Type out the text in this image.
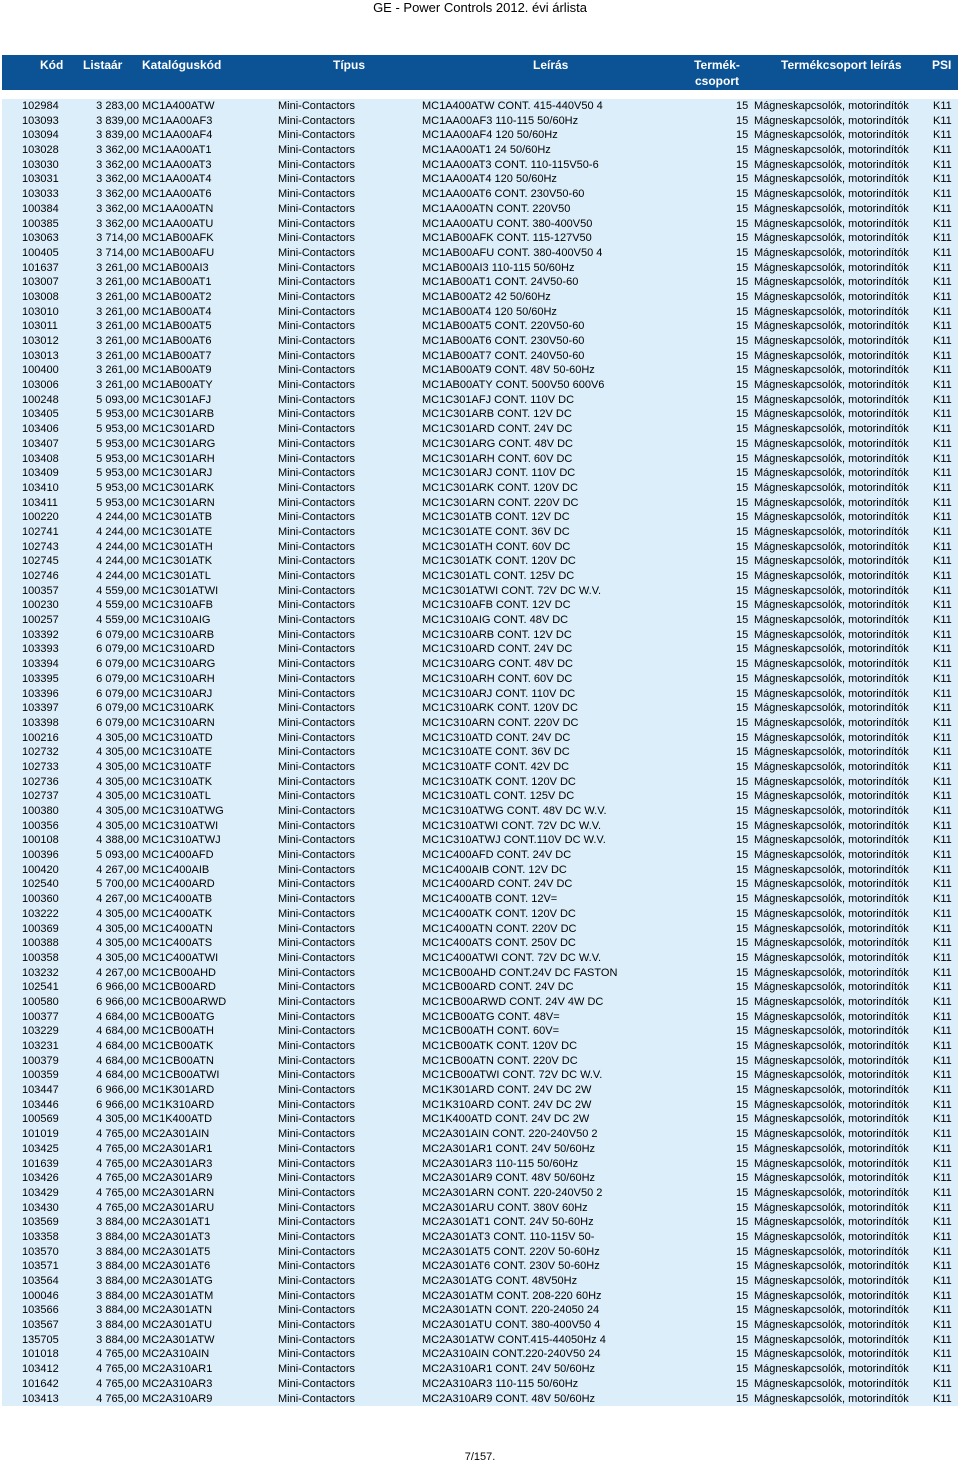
GE - Power Controls 2012. évi árlista
Kód Listaár Katalóguskód	Típus	Leírás	Termék-
csoport
Termékcsoport leírás	PSI
102984	3 283,00 MC1A400ATW	Mini-Contactors	MC1A400ATW CONT. 415-440V50 4	15 Mágneskapcsolók, motorindítók K11
103093	3 839,00 MC1AA00AF3	Mini-Contactors	MC1AA00AF3 110-115 50/60Hz	15 Mágneskapcsolók, motorindítók K11
103094	3 839,00 MC1AA00AF4	Mini-Contactors	MC1AA00AF4 120 50/60Hz	15 Mágneskapcsolók, motorindítók K11
103028	3 362,00 MC1AA00AT1	Mini-Contactors	MC1AA00AT1 24 50/60Hz	15 Mágneskapcsolók, motorindítók K11
103030	3 362,00 MC1AA00AT3	Mini-Contactors	MC1AA00AT3 CONT. 110-115V50-6	15 Mágneskapcsolók, motorindítók K11
103031	3 362,00 MC1AA00AT4	Mini-Contactors	MC1AA00AT4 120 50/60Hz	15 Mágneskapcsolók, motorindítók K11
103033	3 362,00 MC1AA00AT6	Mini-Contactors	MC1AA00AT6 CONT. 230V50-60	15 Mágneskapcsolók, motorindítók K11
100384	3 362,00 MC1AA00ATN	Mini-Contactors	MC1AA00ATN CONT. 220V50	15 Mágneskapcsolók, motorindítók K11
100385	3 362,00 MC1AA00ATU	Mini-Contactors	MC1AA00ATU CONT. 380-400V50	15 Mágneskapcsolók, motorindítók K11
103063	3 714,00 MC1AB00AFK	Mini-Contactors	MC1AB00AFK CONT. 115-127V50	15 Mágneskapcsolók, motorindítók K11
100405	3 714,00 MC1AB00AFU	Mini-Contactors	MC1AB00AFU CONT. 380-400V50 4	15 Mágneskapcsolók, motorindítók K11
101637	3 261,00 MC1AB00AI3	Mini-Contactors	MC1AB00AI3 110-115 50/60Hz	15 Mágneskapcsolók, motorindítók K11
103007	3 261,00 MC1AB00AT1	Mini-Contactors	MC1AB00AT1 CONT. 24V50-60	15 Mágneskapcsolók, motorindítók K11
103008	3 261,00 MC1AB00AT2	Mini-Contactors	MC1AB00AT2 42 50/60Hz	15 Mágneskapcsolók, motorindítók K11
103010	3 261,00 MC1AB00AT4	Mini-Contactors	MC1AB00AT4 120 50/60Hz	15 Mágneskapcsolók, motorindítók K11
103011	3 261,00 MC1AB00AT5	Mini-Contactors	MC1AB00AT5 CONT. 220V50-60	15 Mágneskapcsolók, motorindítók K11
103012	3 261,00 MC1AB00AT6	Mini-Contactors	MC1AB00AT6 CONT. 230V50-60	15 Mágneskapcsolók, motorindítók K11
103013	3 261,00 MC1AB00AT7	Mini-Contactors	MC1AB00AT7 CONT. 240V50-60	15 Mágneskapcsolók, motorindítók K11
100400	3 261,00 MC1AB00AT9	Mini-Contactors	MC1AB00AT9 CONT. 48V 50-60Hz	15 Mágneskapcsolók, motorindítók K11
103006	3 261,00 MC1AB00ATY	Mini-Contactors	MC1AB00ATY CONT. 500V50 600V6	15 Mágneskapcsolók, motorindítók K11
100248	5 093,00 MC1C301AFJ	Mini-Contactors	MC1C301AFJ CONT. 110V DC	15 Mágneskapcsolók, motorindítók K11
103405	5 953,00 MC1C301ARB	Mini-Contactors	MC1C301ARB CONT. 12V DC	15 Mágneskapcsolók, motorindítók K11
103406	5 953,00 MC1C301ARD	Mini-Contactors	MC1C301ARD CONT. 24V DC	15 Mágneskapcsolók, motorindítók K11
103407	5 953,00 MC1C301ARG	Mini-Contactors	MC1C301ARG CONT. 48V DC	15 Mágneskapcsolók, motorindítók K11
103408	5 953,00 MC1C301ARH	Mini-Contactors	MC1C301ARH CONT. 60V DC	15 Mágneskapcsolók, motorindítók K11
103409	5 953,00 MC1C301ARJ	Mini-Contactors	MC1C301ARJ CONT. 110V DC	15 Mágneskapcsolók, motorindítók K11
103410	5 953,00 MC1C301ARK	Mini-Contactors	MC1C301ARK CONT. 120V DC	15 Mágneskapcsolók, motorindítók K11
103411	5 953,00 MC1C301ARN	Mini-Contactors	MC1C301ARN CONT. 220V DC	15 Mágneskapcsolók, motorindítók K11
100220	4 244,00 MC1C301ATB	Mini-Contactors	MC1C301ATB CONT. 12V DC	15 Mágneskapcsolók, motorindítók K11
102741	4 244,00 MC1C301ATE	Mini-Contactors	MC1C301ATE CONT. 36V DC	15 Mágneskapcsolók, motorindítók K11
102743	4 244,00 MC1C301ATH	Mini-Contactors	MC1C301ATH CONT. 60V DC	15 Mágneskapcsolók, motorindítók K11
102745	4 244,00 MC1C301ATK	Mini-Contactors	MC1C301ATK CONT. 120V DC	15 Mágneskapcsolók, motorindítók K11
102746	4 244,00 MC1C301ATL	Mini-Contactors	MC1C301ATL CONT. 125V DC	15 Mágneskapcsolók, motorindítók K11
100357	4 559,00 MC1C301ATWI	Mini-Contactors	MC1C301ATWI CONT. 72V DC W.V.	15 Mágneskapcsolók, motorindítók K11
100230	4 559,00 MC1C310AFB	Mini-Contactors	MC1C310AFB CONT. 12V DC	15 Mágneskapcsolók, motorindítók K11
100257	4 559,00 MC1C310AIG	Mini-Contactors	MC1C310AIG CONT. 48V DC	15 Mágneskapcsolók, motorindítók K11
103392	6 079,00 MC1C310ARB	Mini-Contactors	MC1C310ARB CONT. 12V DC	15 Mágneskapcsolók, motorindítók K11
103393	6 079,00 MC1C310ARD	Mini-Contactors	MC1C310ARD CONT. 24V DC	15 Mágneskapcsolók, motorindítók K11
103394	6 079,00 MC1C310ARG	Mini-Contactors	MC1C310ARG CONT. 48V DC	15 Mágneskapcsolók, motorindítók K11
103395	6 079,00 MC1C310ARH	Mini-Contactors	MC1C310ARH CONT. 60V DC	15 Mágneskapcsolók, motorindítók K11
103396	6 079,00 MC1C310ARJ	Mini-Contactors	MC1C310ARJ CONT. 110V DC	15 Mágneskapcsolók, motorindítók K11
103397	6 079,00 MC1C310ARK	Mini-Contactors	MC1C310ARK CONT. 120V DC	15 Mágneskapcsolók, motorindítók K11
103398	6 079,00 MC1C310ARN	Mini-Contactors	MC1C310ARN CONT. 220V DC	15 Mágneskapcsolók, motorindítók K11
100216	4 305,00 MC1C310ATD	Mini-Contactors	MC1C310ATD CONT. 24V DC	15 Mágneskapcsolók, motorindítók K11
102732	4 305,00 MC1C310ATE	Mini-Contactors	MC1C310ATE CONT. 36V DC	15 Mágneskapcsolók, motorindítók K11
102733	4 305,00 MC1C310ATF	Mini-Contactors	MC1C310ATF CONT. 42V DC	15 Mágneskapcsolók, motorindítók K11
102736	4 305,00 MC1C310ATK	Mini-Contactors	MC1C310ATK CONT. 120V DC	15 Mágneskapcsolók, motorindítók K11
102737	4 305,00 MC1C310ATL	Mini-Contactors	MC1C310ATL CONT. 125V DC	15 Mágneskapcsolók, motorindítók K11
100380	4 305,00 MC1C310ATWG	Mini-Contactors	MC1C310ATWG CONT. 48V DC W.V.	15 Mágneskapcsolók, motorindítók K11
100356	4 305,00 MC1C310ATWI	Mini-Contactors	MC1C310ATWI CONT. 72V DC W.V.	15 Mágneskapcsolók, motorindítók K11
100108	4 388,00 MC1C310ATWJ	Mini-Contactors	MC1C310ATWJ CONT.110V DC W.V.	15 Mágneskapcsolók, motorindítók K11
100396	5 093,00 MC1C400AFD	Mini-Contactors	MC1C400AFD CONT. 24V DC	15 Mágneskapcsolók, motorindítók K11
100420	4 267,00 MC1C400AIB	Mini-Contactors	MC1C400AIB CONT. 12V DC	15 Mágneskapcsolók, motorindítók K11
102540	5 700,00 MC1C400ARD	Mini-Contactors	MC1C400ARD CONT. 24V DC	15 Mágneskapcsolók, motorindítók K11
100360	4 267,00 MC1C400ATB	Mini-Contactors	MC1C400ATB CONT. 12V=	15 Mágneskapcsolók, motorindítók K11
103222	4 305,00 MC1C400ATK	Mini-Contactors	MC1C400ATK CONT. 120V DC	15 Mágneskapcsolók, motorindítók K11
100369	4 305,00 MC1C400ATN	Mini-Contactors	MC1C400ATN CONT. 220V DC	15 Mágneskapcsolók, motorindítók K11
100388	4 305,00 MC1C400ATS	Mini-Contactors	MC1C400ATS CONT. 250V DC	15 Mágneskapcsolók, motorindítók K11
100358	4 305,00 MC1C400ATWI	Mini-Contactors	MC1C400ATWI CONT. 72V DC W.V.	15 Mágneskapcsolók, motorindítók K11
103232	4 267,00 MC1CB00AHD	Mini-Contactors	MC1CB00AHD CONT.24V DC FASTON	15 Mágneskapcsolók, motorindítók K11
102541	6 966,00 MC1CB00ARD	Mini-Contactors	MC1CB00ARD CONT. 24V DC	15 Mágneskapcsolók, motorindítók K11
100580	6 966,00 MC1CB00ARWD	Mini-Contactors	MC1CB00ARWD CONT. 24V 4W DC	15 Mágneskapcsolók, motorindítók K11
100377	4 684,00 MC1CB00ATG	Mini-Contactors	MC1CB00ATG CONT. 48V=	15 Mágneskapcsolók, motorindítók K11
103229	4 684,00 MC1CB00ATH	Mini-Contactors	MC1CB00ATH CONT. 60V=	15 Mágneskapcsolók, motorindítók K11
103231	4 684,00 MC1CB00ATK	Mini-Contactors	MC1CB00ATK CONT. 120V DC	15 Mágneskapcsolók, motorindítók K11
100379	4 684,00 MC1CB00ATN	Mini-Contactors	MC1CB00ATN CONT. 220V DC	15 Mágneskapcsolók, motorindítók K11
100359	4 684,00 MC1CB00ATWI	Mini-Contactors	MC1CB00ATWI CONT. 72V DC W.V.	15 Mágneskapcsolók, motorindítók K11
103447	6 966,00 MC1K301ARD	Mini-Contactors	MC1K301ARD CONT. 24V DC 2W	15 Mágneskapcsolók, motorindítók K11
103446	6 966,00 MC1K310ARD	Mini-Contactors	MC1K310ARD CONT. 24V DC 2W	15 Mágneskapcsolók, motorindítók K11
100569	4 305,00 MC1K400ATD	Mini-Contactors	MC1K400ATD CONT. 24V DC 2W	15 Mágneskapcsolók, motorindítók K11
101019	4 765,00 MC2A301AIN	Mini-Contactors	MC2A301AIN CONT. 220-240V50 2	15 Mágneskapcsolók, motorindítók K11
103425	4 765,00 MC2A301AR1	Mini-Contactors	MC2A301AR1 CONT. 24V 50/60Hz	15 Mágneskapcsolók, motorindítók K11
101639	4 765,00 MC2A301AR3	Mini-Contactors	MC2A301AR3 110-115 50/60Hz	15 Mágneskapcsolók, motorindítók K11
103426	4 765,00 MC2A301AR9	Mini-Contactors	MC2A301AR9 CONT. 48V 50/60Hz	15 Mágneskapcsolók, motorindítók K11
103429	4 765,00 MC2A301ARN	Mini-Contactors	MC2A301ARN CONT. 220-240V50 2	15 Mágneskapcsolók, motorindítók K11
103430	4 765,00 MC2A301ARU	Mini-Contactors	MC2A301ARU CONT. 380V 60Hz	15 Mágneskapcsolók, motorindítók K11
103569	3 884,00 MC2A301AT1	Mini-Contactors	MC2A301AT1 CONT. 24V 50-60Hz	15 Mágneskapcsolók, motorindítók K11
103358	3 884,00 MC2A301AT3	Mini-Contactors	MC2A301AT3 CONT. 110-115V 50-	15 Mágneskapcsolók, motorindítók K11
103570	3 884,00 MC2A301AT5	Mini-Contactors	MC2A301AT5 CONT. 220V 50-60Hz	15 Mágneskapcsolók, motorindítók K11
103571	3 884,00 MC2A301AT6	Mini-Contactors	MC2A301AT6 CONT. 230V 50-60Hz	15 Mágneskapcsolók, motorindítók K11
103564	3 884,00 MC2A301ATG	Mini-Contactors	MC2A301ATG CONT. 48V50Hz	15 Mágneskapcsolók, motorindítók K11
100046	3 884,00 MC2A301ATM	Mini-Contactors	MC2A301ATM CONT. 208-220 60Hz	15 Mágneskapcsolók, motorindítók K11
103566	3 884,00 MC2A301ATN	Mini-Contactors	MC2A301ATN CONT. 220-24050 24	15 Mágneskapcsolók, motorindítók K11
103567	3 884,00 MC2A301ATU	Mini-Contactors	MC2A301ATU CONT. 380-400V50 4	15 Mágneskapcsolók, motorindítók K11
135705	3 884,00 MC2A301ATW	Mini-Contactors	MC2A301ATW CONT.415-44050Hz 4	15 Mágneskapcsolók, motorindítók K11
101018	4 765,00 MC2A310AIN	Mini-Contactors	MC2A310AIN CONT.220-240V50 24	15 Mágneskapcsolók, motorindítók K11
103412	4 765,00 MC2A310AR1	Mini-Contactors	MC2A310AR1 CONT. 24V 50/60Hz	15 Mágneskapcsolók, motorindítók K11
101642	4 765,00 MC2A310AR3	Mini-Contactors	MC2A310AR3 110-115 50/60Hz	15 Mágneskapcsolók, motorindítók K11
103413	4 765,00 MC2A310AR9	Mini-Contactors	MC2A310AR9 CONT. 48V 50/60Hz	15 Mágneskapcsolók, motorindítók K11
7/157.
